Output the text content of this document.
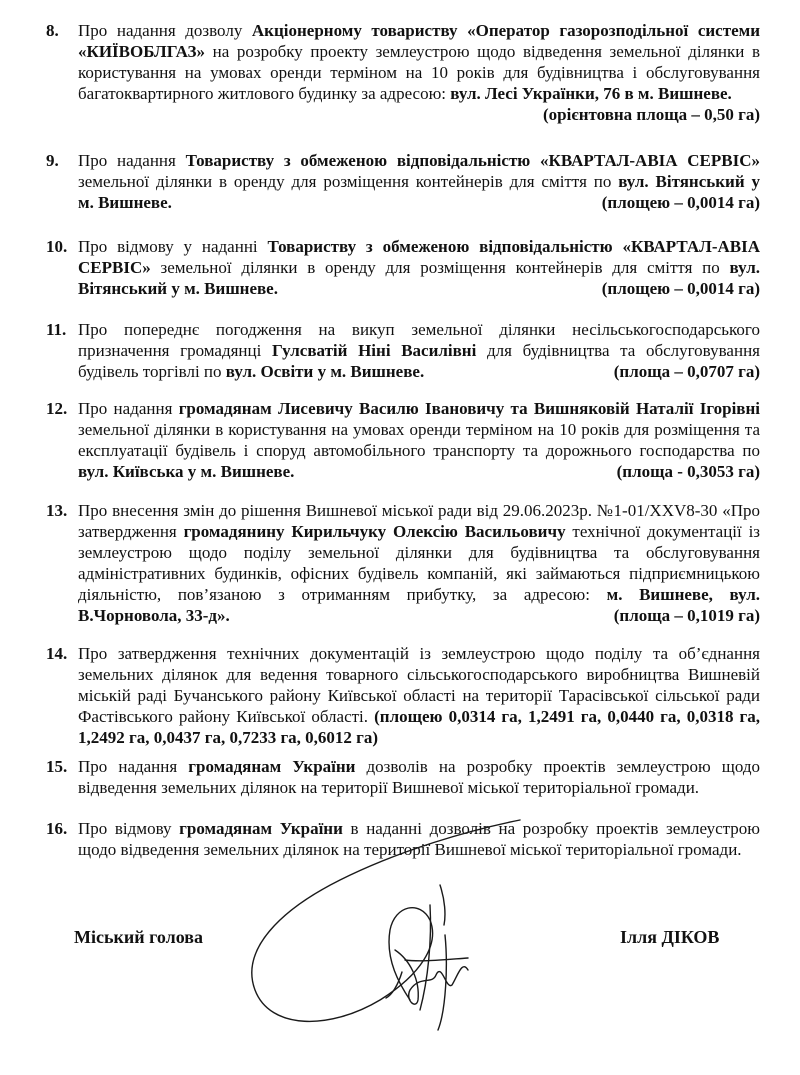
8.	Про надання дозволу Акціонерному товариству «Оператор газорозподільної системи
«КИЇВОБЛГАЗ» на розробку проекту землеустрою щодо відведення земельної ділянки в
користування на умовах оренди терміном на 10 років для будівництва і обслуговування
багатоквартирного житлового будинку за адресою: вул. Лесі Українки, 76 в м. Вишневе.
(орієнтовна площа – 0,50 га)
9.	Про надання Товариству з обмеженою відповідальністю «КВАРТАЛ-АВІА СЕРВІС»
земельної ділянки в оренду для розміщення контейнерів для сміття по вул. Вітянський у
м. Вишневе.	(площею – 0,0014 га)
10. Про відмову у наданні Товариству з обмеженою відповідальністю «КВАРТАЛ-АВІА
СЕРВІС» земельної ділянки в оренду для розміщення контейнерів для сміття по вул.
Вітянський у м. Вишневе.	(площею – 0,0014 га)
11. Про попереднє погодження на викуп земельної ділянки несільськогосподарського
призначення громадянці Гулсватій Ніні Василівні для будівництва та обслуговування
будівель торгівлі по вул. Освіти у м. Вишневе.	(площа – 0,0707 га)
12. Про надання громадянам Лисевичу Василю Івановичу та Вишняковій Наталії Ігорівні
земельної ділянки в користування на умовах оренди терміном на 10 років для розміщення та
експлуатації будівель і споруд автомобільного транспорту та дорожнього господарства по
вул. Київська у м. Вишневе.	(площа - 0,3053 га)
13. Про внесення змін до рішення Вишневої міської ради від 29.06.2023р. №1-01/XXV8-30 «Про
затвердження громадянину Кирильчуку Олексію Васильовичу технічної документації із
землеустрою щодо поділу земельної ділянки для будівництва та обслуговування
адміністративних будинків, офісних будівель компаній, які займаються підприємницькою
діяльністю, пов’язаною з отриманням прибутку, за адресою: м. Вишневе, вул.
В.Чорновола, 33-д».	(площа – 0,1019 га)
14. Про затвердження технічних документацій із землеустрою щодо поділу та об’єднання
земельних ділянок для ведення товарного сільськогосподарського виробництва Вишневій
міській раді Бучанського району Київської області на території Тарасівської сільської ради
Фастівського району Київської області. (площею 0,0314 га, 1,2491 га, 0,0440 га, 0,0318 га,
1,2492 га, 0,0437 га, 0,7233 га, 0,6012 га)
15. Про надання громадянам України дозволів на розробку проектів землеустрою щодо
відведення земельних ділянок на території Вишневої міської територіальної громади.
16. Про відмову громадянам України в наданні дозволів на розробку проектів землеустрою
щодо відведення земельних ділянок на території Вишневої міської територіальної громади.
Міський голова	Ілля ДІКОВ
